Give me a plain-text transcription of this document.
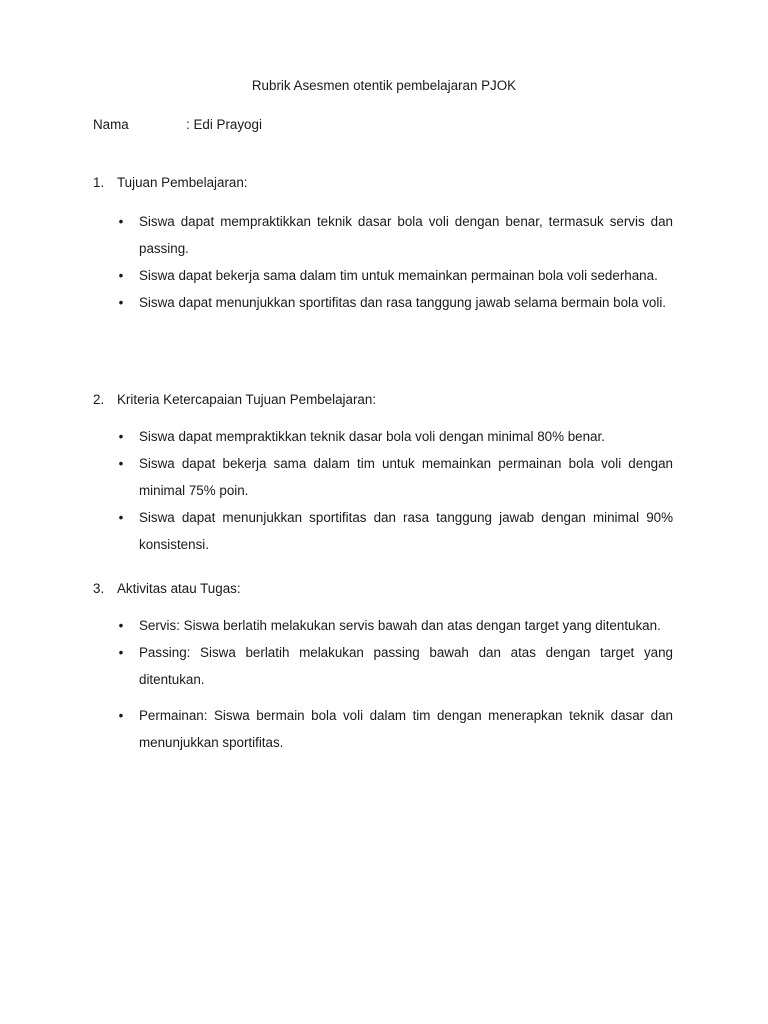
Rubrik Asesmen otentik pembelajaran PJOK
Nama	: Edi Prayogi
1. Tujuan Pembelajaran:
• Siswa dapat mempraktikkan teknik dasar bola voli dengan benar, termasuk servis dan passing.
• Siswa dapat bekerja sama dalam tim untuk memainkan permainan bola voli sederhana.
• Siswa dapat menunjukkan sportifitas dan rasa tanggung jawab selama bermain bola voli.
2. Kriteria Ketercapaian Tujuan Pembelajaran:
• Siswa dapat mempraktikkan teknik dasar bola voli dengan minimal 80% benar.
• Siswa dapat bekerja sama dalam tim untuk memainkan permainan bola voli dengan minimal 75% poin.
• Siswa dapat menunjukkan sportifitas dan rasa tanggung jawab dengan minimal 90% konsistensi.
3. Aktivitas atau Tugas:
• Servis: Siswa berlatih melakukan servis bawah dan atas dengan target yang ditentukan.
• Passing: Siswa berlatih melakukan passing bawah dan atas dengan target yang ditentukan.
• Permainan: Siswa bermain bola voli dalam tim dengan menerapkan teknik dasar dan menunjukkan sportifitas.
